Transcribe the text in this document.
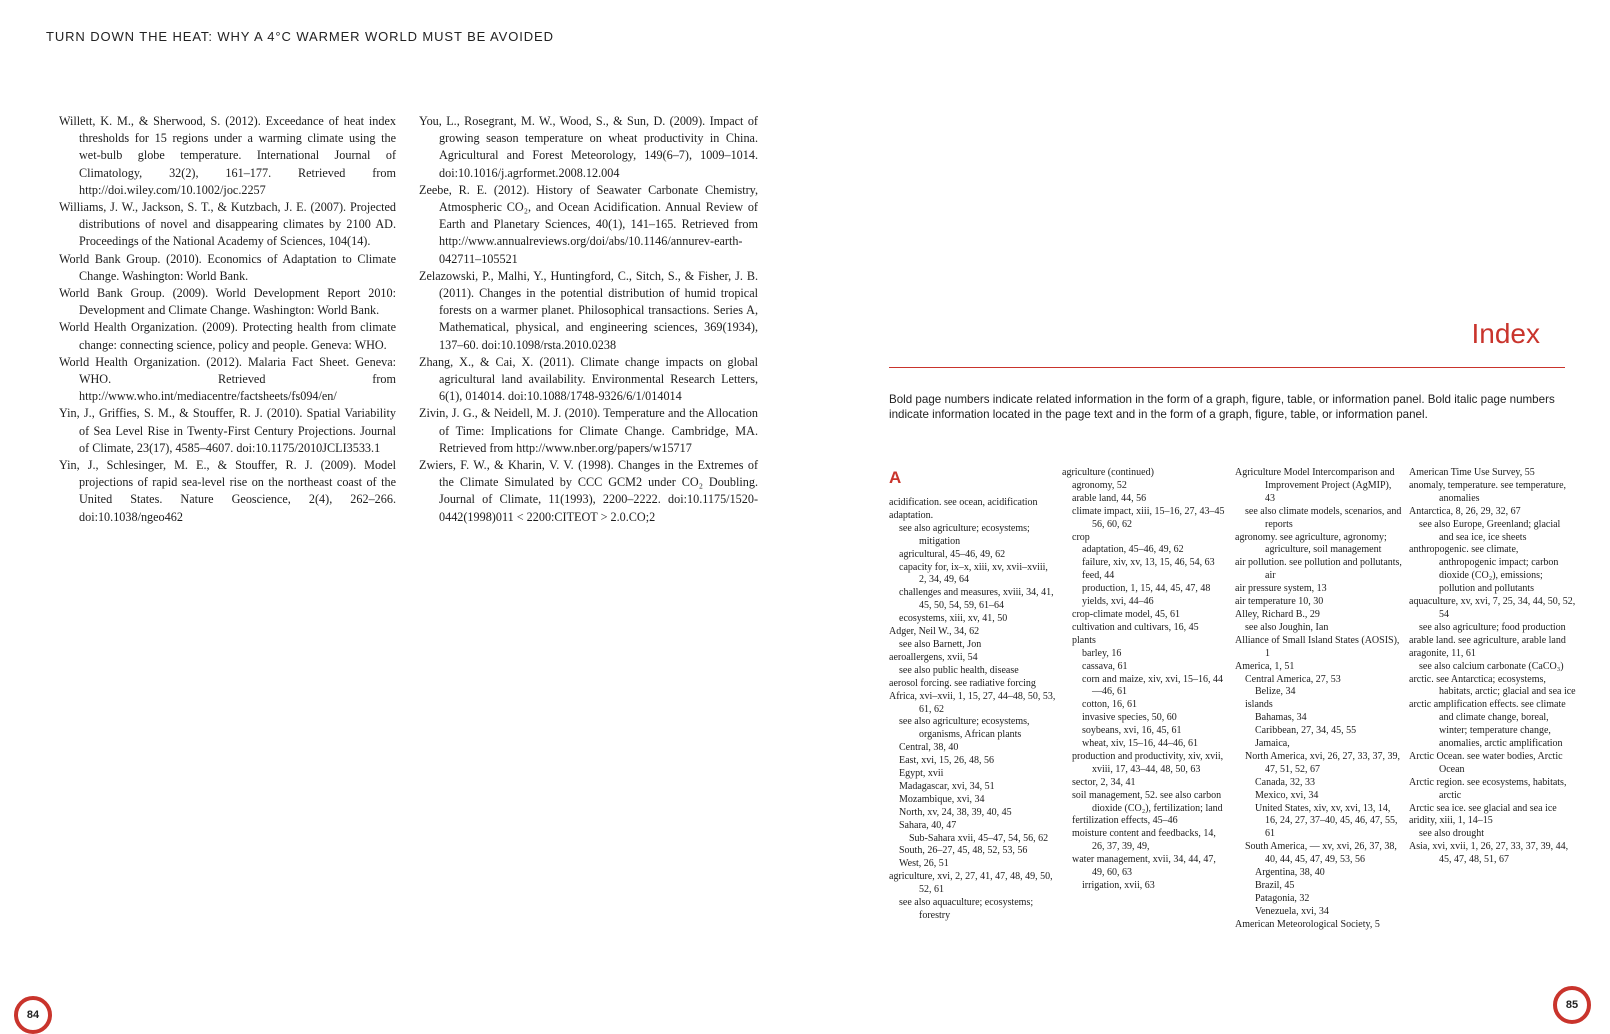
TURN DOWN THE HEAT: WHY A 4°C WARMER WORLD MUST BE AVOIDED

Willett, K. M., & Sherwood, S. (2012). Exceedance of heat index thresholds for 15 regions under a warming climate using the wet-bulb globe temperature. International Journal of Climatology, 32(2), 161–177. Retrieved from http://doi.wiley.com/10.1002/joc.2257

Williams, J. W., Jackson, S. T., & Kutzbach, J. E. (2007). Projected distributions of novel and disappearing climates by 2100 AD. Proceedings of the National Academy of Sciences, 104(14).

World Bank Group. (2010). Economics of Adaptation to Climate Change. Washington: World Bank.

World Bank Group. (2009). World Development Report 2010: Development and Climate Change. Washington: World Bank.

World Health Organization. (2009). Protecting health from climate change: connecting science, policy and people. Geneva: WHO.

World Health Organization. (2012). Malaria Fact Sheet. Geneva: WHO. Retrieved from http://www.who.int/mediacentre/factsheets/fs094/en/

Yin, J., Griffies, S. M., & Stouffer, R. J. (2010). Spatial Variability of Sea Level Rise in Twenty-First Century Projections. Journal of Climate, 23(17), 4585–4607. doi:10.1175/2010JCLI3533.1

Yin, J., Schlesinger, M. E., & Stouffer, R. J. (2009). Model projections of rapid sea-level rise on the northeast coast of the United States. Nature Geoscience, 2(4), 262–266. doi:10.1038/ngeo462

You, L., Rosegrant, M. W., Wood, S., & Sun, D. (2009). Impact of growing season temperature on wheat productivity in China. Agricultural and Forest Meteorology, 149(6–7), 1009–1014. doi:10.1016/j.agrformet.2008.12.004

Zeebe, R. E. (2012). History of Seawater Carbonate Chemistry, Atmospheric CO₂, and Ocean Acidification. Annual Review of Earth and Planetary Sciences, 40(1), 141–165. Retrieved from http://www.annualreviews.org/doi/abs/10.1146/annurev-earth-042711–105521

Zelazowski, P., Malhi, Y., Huntingford, C., Sitch, S., & Fisher, J. B. (2011). Changes in the potential distribution of humid tropical forests on a warmer planet. Philosophical transactions. Series A, Mathematical, physical, and engineering sciences, 369(1934), 137–60. doi:10.1098/rsta.2010.0238

Zhang, X., & Cai, X. (2011). Climate change impacts on global agricultural land availability. Environmental Research Letters, 6(1), 014014. doi:10.1088/1748-9326/6/1/014014

Zivin, J. G., & Neidell, M. J. (2010). Temperature and the Allocation of Time: Implications for Climate Change. Cambridge, MA. Retrieved from http://www.nber.org/papers/w15717

Zwiers, F. W., & Kharin, V. V. (1998). Changes in the Extremes of the Climate Simulated by CCC GCM2 under CO₂ Doubling. Journal of Climate, 11(1993), 2200–2222. doi:10.1175/1520-0442(1998)011 < 2200:CITEOT > 2.0.CO;2

84
Index
Bold page numbers indicate related information in the form of a graph, figure, table, or information panel. Bold italic page numbers indicate information located in the page text and in the form of a graph, figure, table, or information panel.
A

acidification. see ocean, acidification

adaptation.

see also agriculture; ecosystems; mitigation

agricultural, 45–46, 49, 62

capacity for, ix–x, xiii, xv, xvii–xviii, 2, 34, 49, 64

challenges and measures, xviii, 34, 41, 45, 50, 54, 59, 61–64

ecosystems, xiii, xv, 41, 50

Adger, Neil W., 34, 62

see also Barnett, Jon

aeroallergens, xvii, 54

see also public health, disease

aerosol forcing. see radiative forcing

Africa, xvi–xvii, 1, 15, 27, 44–48, 50, 53, 61, 62

see also agriculture; ecosystems, organisms, African plants

Central, 38, 40

East, xvi, 15, 26, 48, 56

Egypt, xvii

Madagascar, xvi, 34, 51

Mozambique, xvi, 34

North, xv, 24, 38, 39, 40, 45

Sahara, 40, 47

Sub-Sahara xvii, 45–47, 54, 56, 62

South, 26–27, 45, 48, 52, 53, 56

West, 26, 51

agriculture, xvi, 2, 27, 41, 47, 48, 49, 50, 52, 61

see also aquaculture; ecosystems; forestry

agriculture (continued)

agronomy, 52

arable land, 44, 56

climate impact, xiii, 15–16, 27, 43–45 56, 60, 62

crop

adaptation, 45–46, 49, 62

failure, xiv, xv, 13, 15, 46, 54, 63

feed, 44

production, 1, 15, 44, 45, 47, 48

yields, xvi, 44–46

crop-climate model, 45, 61

cultivation and cultivars, 16, 45

plants

barley, 16

cassava, 61

corn and maize, xiv, xvi, 15–16, 44—46, 61

cotton, 16, 61

invasive species, 50, 60

soybeans, xvi, 16, 45, 61

wheat, xiv, 15–16, 44–46, 61

production and productivity, xiv, xvii, xviii, 17, 43–44, 48, 50, 63

sector, 2, 34, 41

soil management, 52. see also carbon dioxide (CO₂), fertilization; land

fertilization effects, 45–46

moisture content and feedbacks, 14, 26, 37, 39, 49,

water management, xvii, 34, 44, 47, 49, 60, 63

irrigation, xvii, 63

Agriculture Model Intercomparison and Improvement Project (AgMIP), 43

see also climate models, scenarios, and reports

agronomy. see agriculture, agronomy; agriculture, soil management

air pollution. see pollution and pollutants, air

air pressure system, 13

air temperature 10, 30

Alley, Richard B., 29

see also Joughin, Ian

Alliance of Small Island States (AOSIS), 1

America, 1, 51

Central America, 27, 53

Belize, 34

islands

Bahamas, 34

Caribbean, 27, 34, 45, 55

Jamaica,

North America, xvi, 26, 27, 33, 37, 39, 47, 51, 52, 67

Canada, 32, 33

Mexico, xvi, 34

United States, xiv, xv, xvi, 13, 14, 16, 24, 27, 37–40, 45, 46, 47, 55, 61

South America, — xv, xvi, 26, 37, 38, 40, 44, 45, 47, 49, 53, 56

Argentina, 38, 40

Brazil, 45

Patagonia, 32

Venezuela, xvi, 34

American Meteorological Society, 5

American Time Use Survey, 55

anomaly, temperature. see temperature, anomalies

Antarctica, 8, 26, 29, 32, 67

see also Europe, Greenland; glacial and sea ice, ice sheets

anthropogenic. see climate, anthropogenic impact; carbon dioxide (CO₂), emissions; pollution and pollutants

aquaculture, xv, xvi, 7, 25, 34, 44, 50, 52, 54

see also agriculture; food production

arable land. see agriculture, arable land

aragonite, 11, 61

see also calcium carbonate (CaCO₃)

arctic. see Antarctica; ecosystems, habitats, arctic; glacial and sea ice

arctic amplification effects. see climate and climate change, boreal, winter; temperature change, anomalies, arctic amplification

Arctic Ocean. see water bodies, Arctic Ocean

Arctic region. see ecosystems, habitats, arctic

Arctic sea ice. see glacial and sea ice

aridity, xiii, 1, 14–15

see also drought

Asia, xvi, xvii, 1, 26, 27, 33, 37, 39, 44, 45, 47, 48, 51, 67

85
